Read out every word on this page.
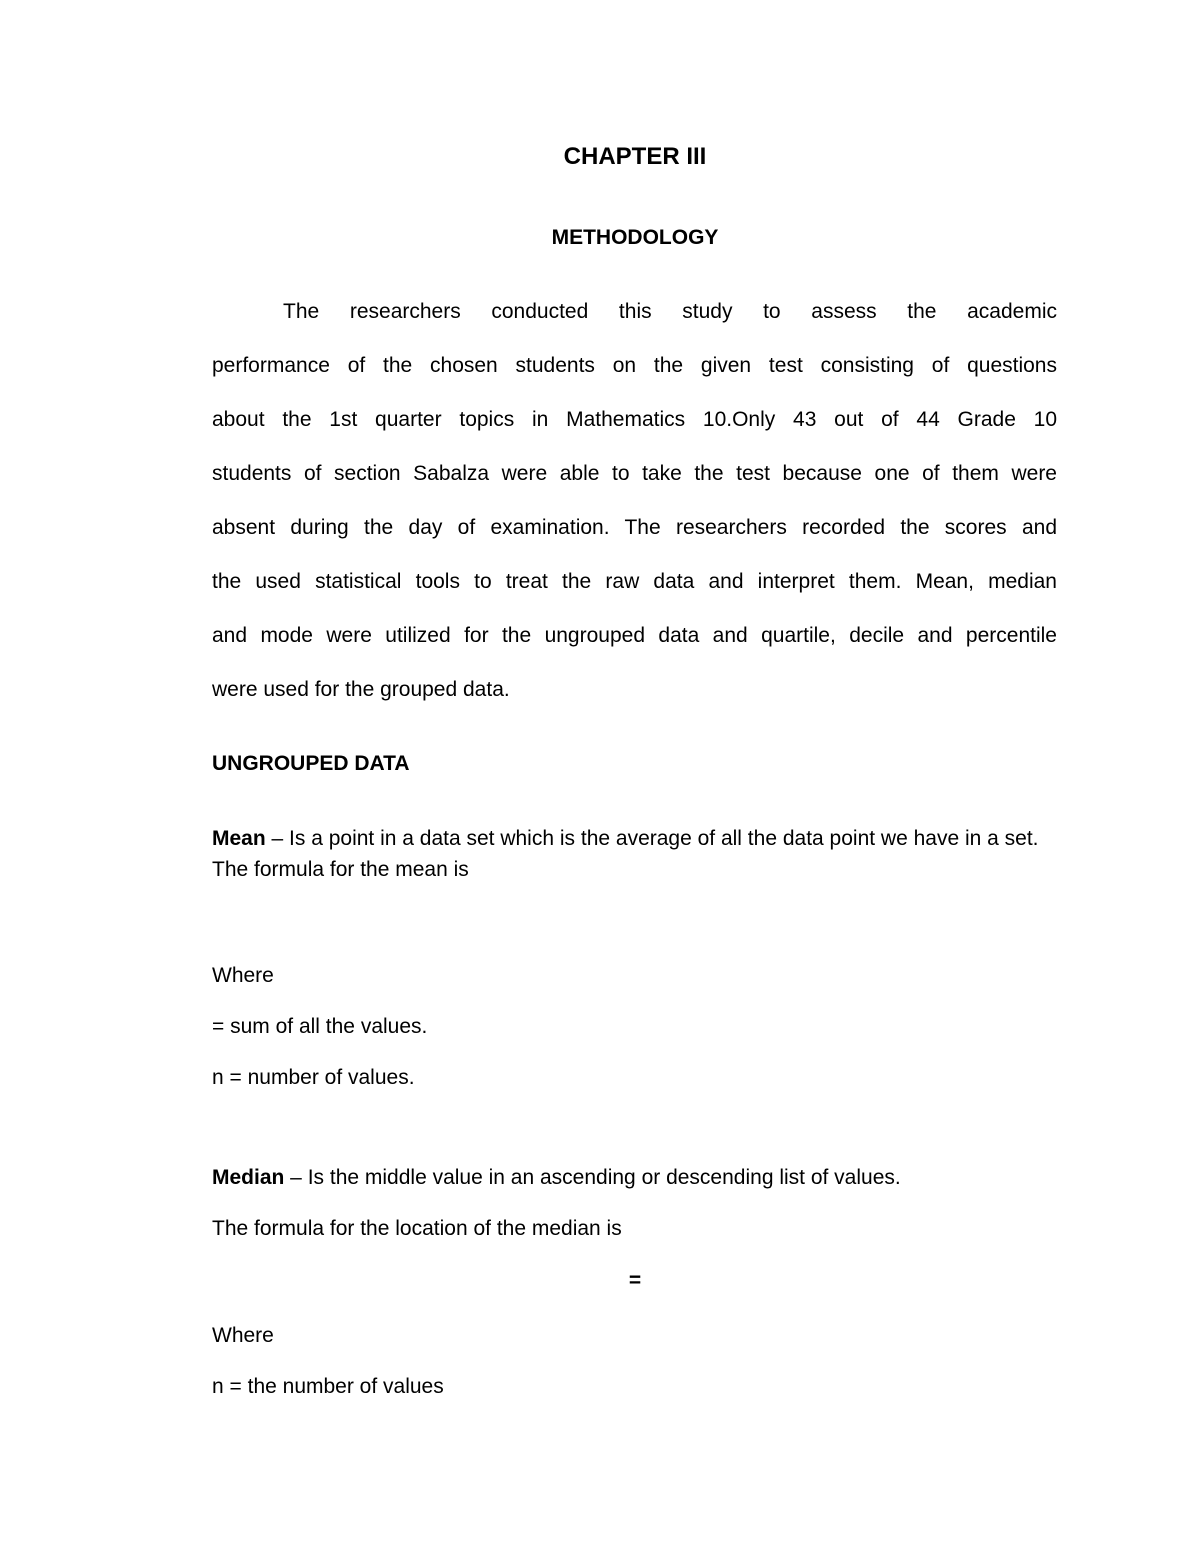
CHAPTER III
METHODOLOGY
The researchers conducted this study to assess the academic
performance of the chosen students on the given test consisting of questions
about the 1st quarter topics in Mathematics 10.Only 43 out of 44 Grade 10
students of section Sabalza were able to take the test because one of them were
absent during the day of examination. The researchers recorded the scores and
the used statistical tools to treat the raw data and interpret them. Mean, median
and mode were utilized for the ungrouped data and quartile, decile and percentile
were used for the grouped data.
UNGROUPED DATA
Mean – Is a point in a data set which is the average of all the data point we have in a set. The formula for the mean is
Where
= sum of all the values.
n = number of values.
Median – Is the middle value in an ascending or descending list of values.
The formula for the location of the median is
=
Where
n = the number of values
